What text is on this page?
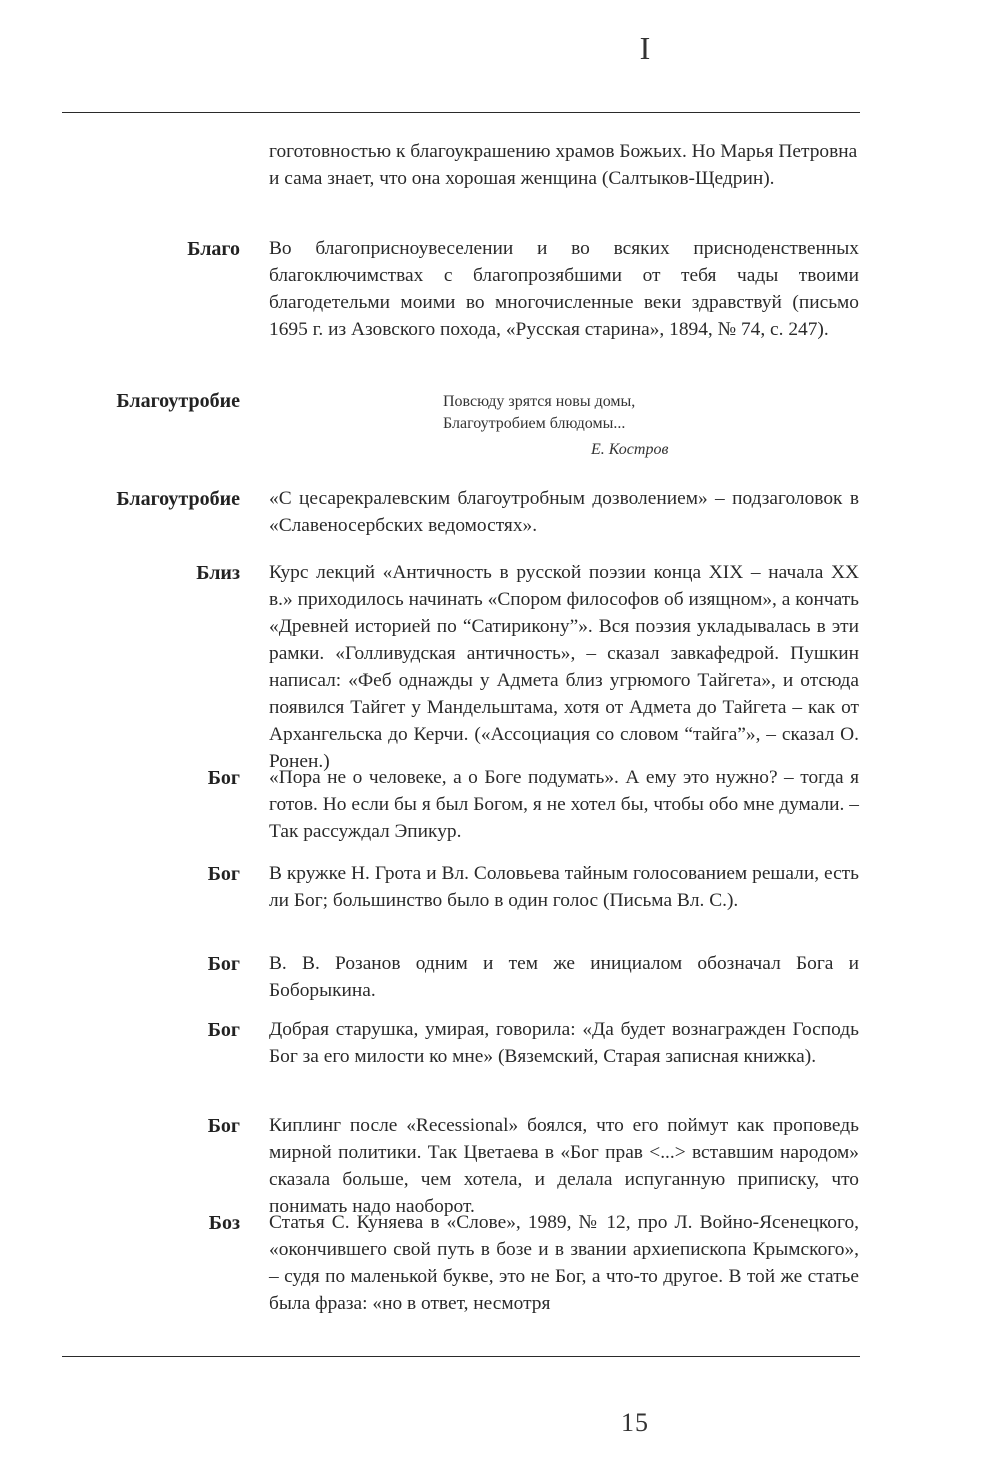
I
гоготовностью к благоукрашению храмов Божьих. Но Марья Петровна и сама знает, что она хорошая женщина (Салтыков-Щедрин).
Благо Во благоприсноувеселении и во всяких присноденственных благоключимствах с благопрозябшими от тебя чады твоими благодетельми моими во многочисленные веки здравствуй (письмо 1695 г. из Азовского похода, «Русская старина», 1894, № 74, с. 247).
Благоутробие	Повсюду зрятся новы домы,
Благоутробием блюдомы...
Е. Костров
Благоутробие «С цесарекралевским благоутробным дозволением» – подзаголовок в «Славеносербских ведомостях».
Близ Курс лекций «Античность в русской поэзии конца XIX – начала XX в.» приходилось начинать «Спором философов об изящном», а кончать «Древней историей по “Сатирикону”». Вся поэзия укладывалась в эти рамки. «Голливудская античность», – сказал завкафедрой. Пушкин написал: «Феб однажды у Адмета близ угрюмого Тайгета», и отсюда появился Тайгет у Мандельштама, хотя от Адмета до Тайгета – как от Архангельска до Керчи. («Ассоциация со словом “тайга”», – сказал О. Ронен.)
Бог «Пора не о человеке, а о Боге подумать». А ему это нужно? – тогда я готов. Но если бы я был Богом, я не хотел бы, чтобы обо мне думали. – Так рассуждал Эпикур.
Бог В кружке Н. Грота и Вл. Соловьева тайным голосованием решали, есть ли Бог; большинство было в один голос (Письма Вл. С.).
Бог В. В. Розанов одним и тем же инициалом обозначал Бога и Боборыкина.
Бог Добрая старушка, умирая, говорила: «Да будет вознагражден Господь Бог за его милости ко мне» (Вяземский, Старая записная книжка).
Бог Киплинг после «Recessional» боялся, что его поймут как проповедь мирной политики. Так Цветаева в «Бог прав <...> вставшим народом» сказала больше, чем хотела, и делала испуганную приписку, что понимать надо наоборот.
Боз Статья С. Куняева в «Слове», 1989, № 12, про Л. Войно-Ясенецкого, «окончившего свой путь в бозе и в звании архиепископа Крымского», – судя по маленькой букве, это не Бог, а что-то другое. В той же статье была фраза: «но в ответ, несмотря
15
